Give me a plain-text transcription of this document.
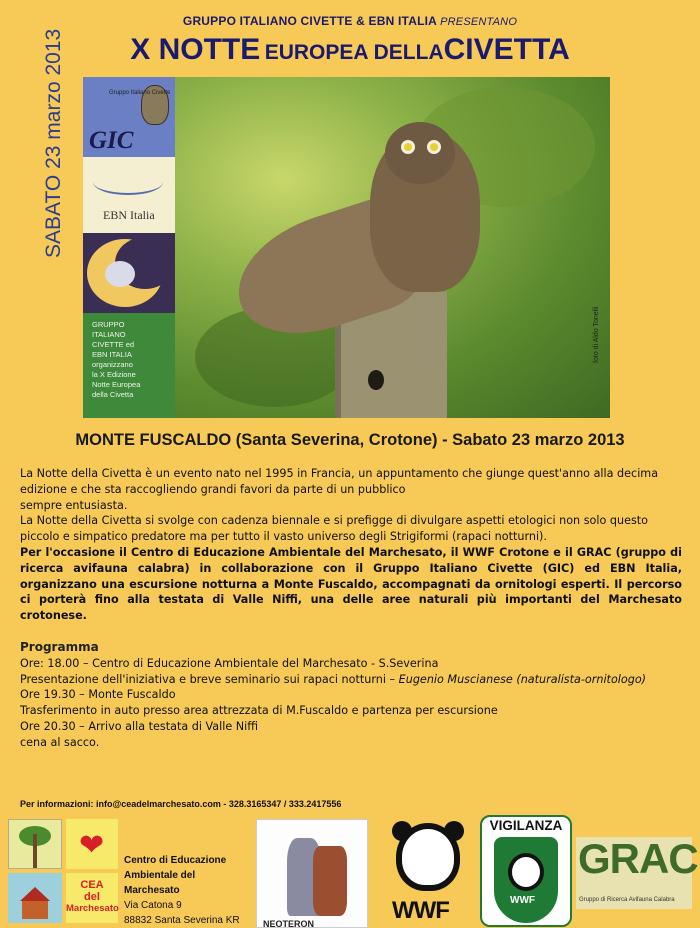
GRUPPO ITALIANO CIVETTE & EBN ITALIA PRESENTANO
X NOTTE EUROPEA DELLACIVETTA
SABATO 23 marzo 2013	Gruppo Italiano Civette
GIC
EBN Italia
GRUPPO
ITALIANO
CIVETTE ed
EBN ITALIA
organizzano
la X Edizione
Notte Europea
della Civetta
foto di Aldo Tonelli
MONTE FUSCALDO (Santa Severina, Crotone) - Sabato 23 marzo 2013

La Notte della Civetta è un evento nato nel 1995 in Francia, un appuntamento che giunge quest'anno alla decima edizione e che sta raccogliendo grandi favori da parte di un pubblico

sempre entusiasta.

La Notte della Civetta si svolge con cadenza biennale e si prefigge di divulgare aspetti etologici non solo questo piccolo e simpatico predatore ma per tutto il vasto universo degli Strigiformi (rapaci notturni).

Per l'occasione il Centro di Educazione Ambientale del Marchesato, il WWF Crotone e il GRAC (gruppo di ricerca avifauna calabra) in collaborazione con il Gruppo Italiano Civette (GIC) ed EBN Italia, organizzano una escursione notturna a Monte Fuscaldo, accompagnati da ornitologi esperti. Il percorso ci porterà fino alla testata di Valle Niffi, una delle aree naturali più importanti del Marchesato crotonese.

Programma

Ore: 18.00 – Centro di Educazione Ambientale del Marchesato - S.Severina

Presentazione dell'iniziativa e breve seminario sui rapaci notturni – Eugenio Muscianese (naturalista-ornitologo)

Ore 19.30 – Monte Fuscaldo

Trasferimento in auto presso area attrezzata di M.Fuscaldo e partenza per escursione

Ore 20.30 – Arrivo alla testata di Valle Niffi

cena al sacco.

Per informazioni: info@ceadelmarchesato.com - 328.3165347 / 333.2417556
❤
CEA
del
Marchesato
Centro di Educazione
Ambientale del
Marchesato
Via Catona 9
88832 Santa Severina KR	NEOTERON	WWF
VIGILANZA
WWF
GRAC
Gruppo di Ricerca Avifauna Calabra
